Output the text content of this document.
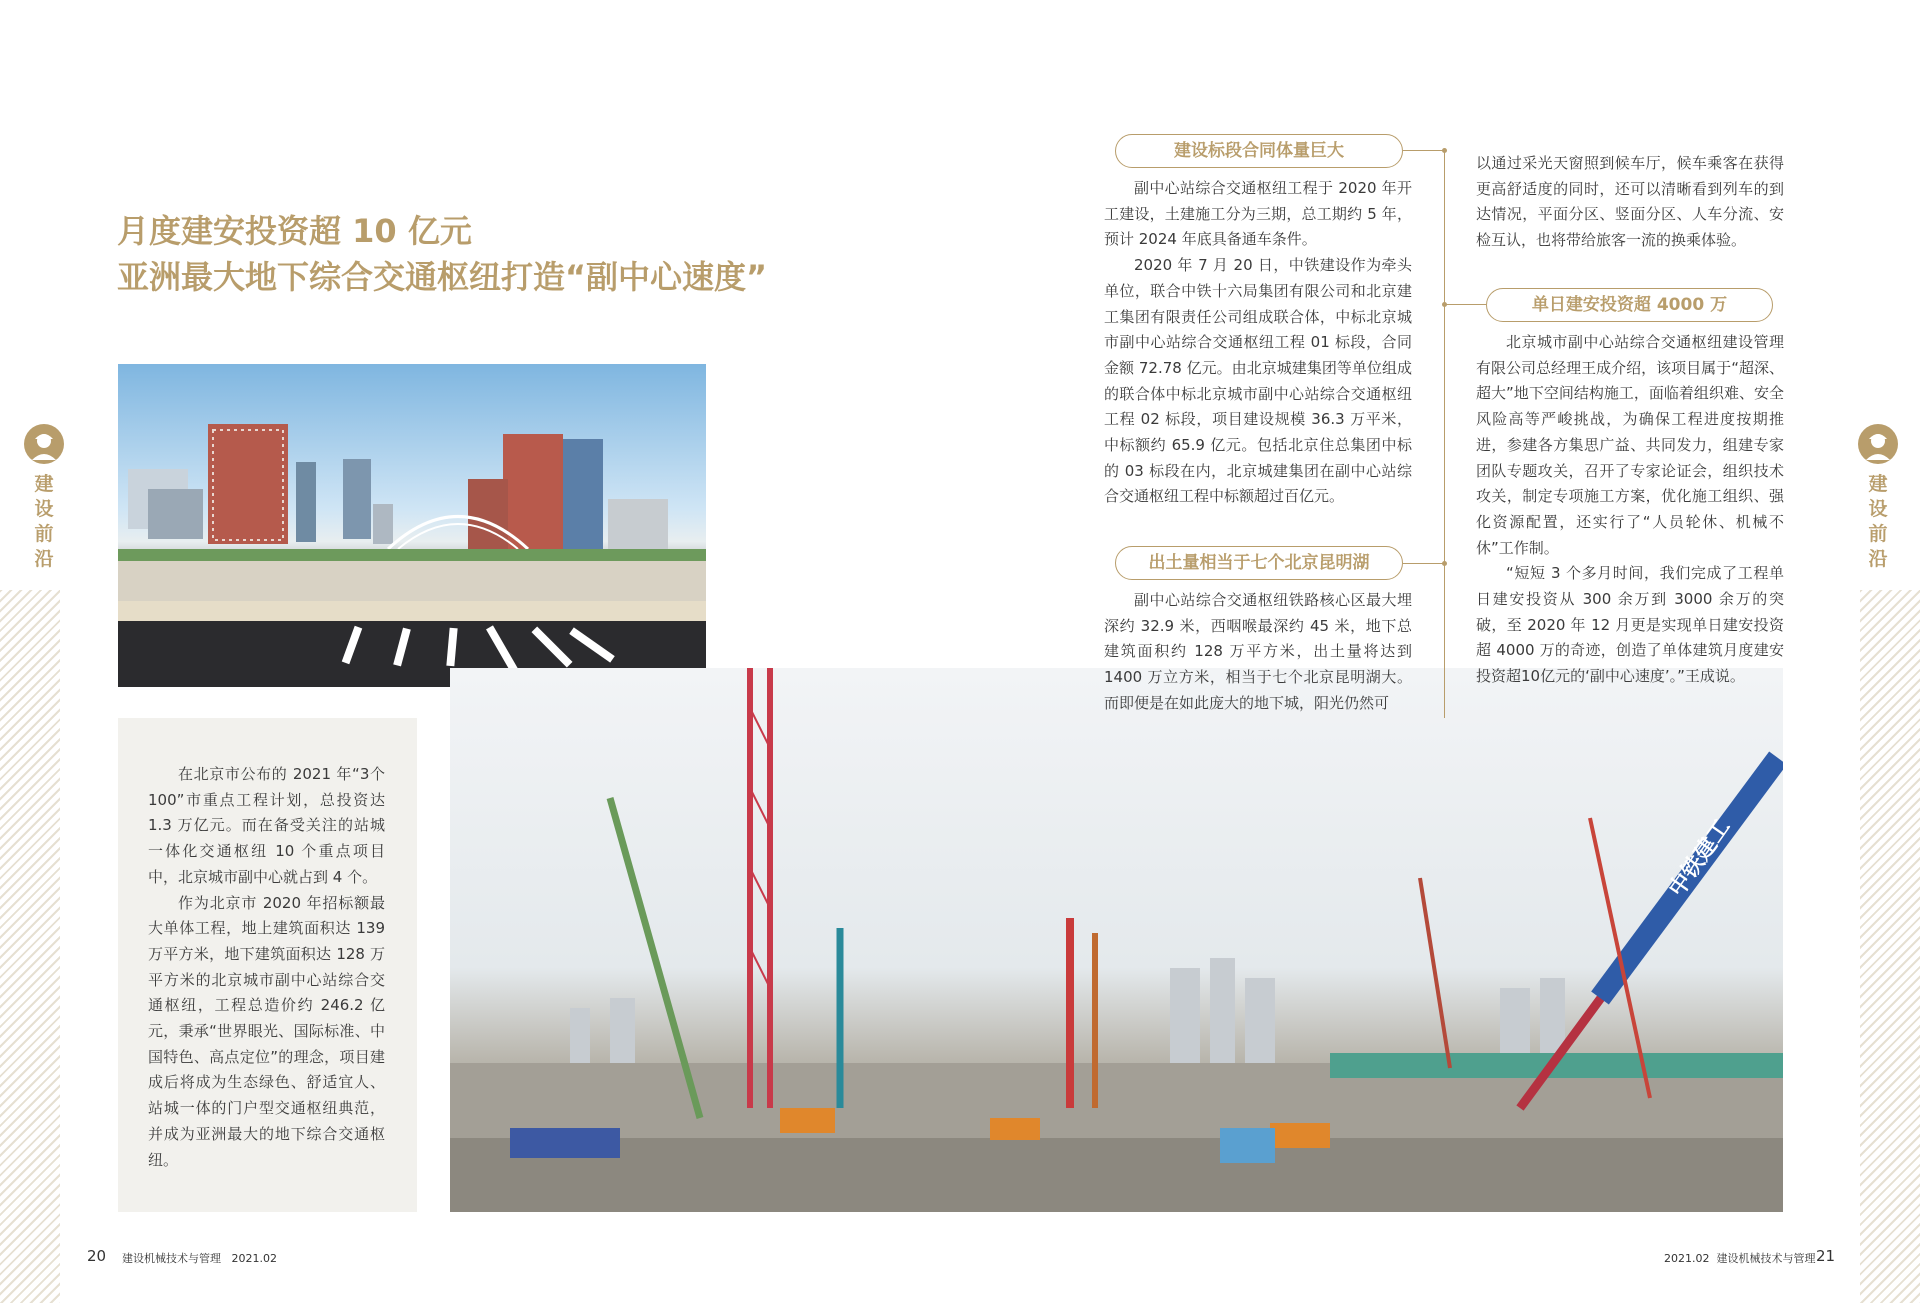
建设前沿
建设前沿
月度建安投资超 10 亿元
亚洲最大地下综合交通枢纽打造“副中心速度”
中铁建工

在北京市公布的 2021 年“3个 100”市重点工程计划，总投资达 1.3 万亿元。而在备受关注的站城一体化交通枢纽 10 个重点项目中，北京城市副中心就占到 4 个。

作为北京市 2020 年招标额最大单体工程，地上建筑面积达 139 万平方米，地下建筑面积达 128 万平方米的北京城市副中心站综合交通枢纽，工程总造价约 246.2 亿元，秉承“世界眼光、国际标准、中国特色、高点定位”的理念，项目建成后将成为生态绿色、舒适宜人、站城一体的门户型交通枢纽典范，并成为亚洲最大的地下综合交通枢纽。

建设标段合同体量巨大
出土量相当于七个北京昆明湖
单日建安投资超 4000 万

副中心站综合交通枢纽工程于 2020 年开工建设，土建施工分为三期，总工期约 5 年，预计 2024 年底具备通车条件。

2020 年 7 月 20 日，中铁建设作为牵头单位，联合中铁十六局集团有限公司和北京建工集团有限责任公司组成联合体，中标北京城市副中心站综合交通枢纽工程 01 标段，合同金额 72.78 亿元。由北京城建集团等单位组成的联合体中标北京城市副中心站综合交通枢纽工程 02 标段，项目建设规模 36.3 万平米，中标额约 65.9 亿元。包括北京住总集团中标的 03 标段在内，北京城建集团在副中心站综合交通枢纽工程中标额超过百亿元。

副中心站综合交通枢纽铁路核心区最大埋深约 32.9 米，西咽喉最深约 45 米，地下总建筑面积约 128 万平方米，出土量将达到 1400 万立方米，相当于七个北京昆明湖大。而即便是在如此庞大的地下城，阳光仍然可

以通过采光天窗照到候车厅，候车乘客在获得更高舒适度的同时，还可以清晰看到列车的到达情况，平面分区、竖面分区、人车分流、安检互认，也将带给旅客一流的换乘体验。

北京城市副中心站综合交通枢纽建设管理有限公司总经理王成介绍，该项目属于“超深、超大”地下空间结构施工，面临着组织难、安全风险高等严峻挑战，为确保工程进度按期推进，参建各方集思广益、共同发力，组建专家团队专题攻关，召开了专家论证会，组织技术攻关，制定专项施工方案，优化施工组织、强化资源配置，还实行了“人员轮休、机械不休”工作制。

“短短 3 个多月时间，我们完成了工程单日建安投资从 300 余万到 3000 余万的突破，至 2020 年 12 月更是实现单日建安投资超 4000 万的奇迹，创造了单体建筑月度建安投资超10亿元的‘副中心速度’。”王成说。

20 建设机械技术与管理 2021.02	2021.02 建设机械技术与管理 21
